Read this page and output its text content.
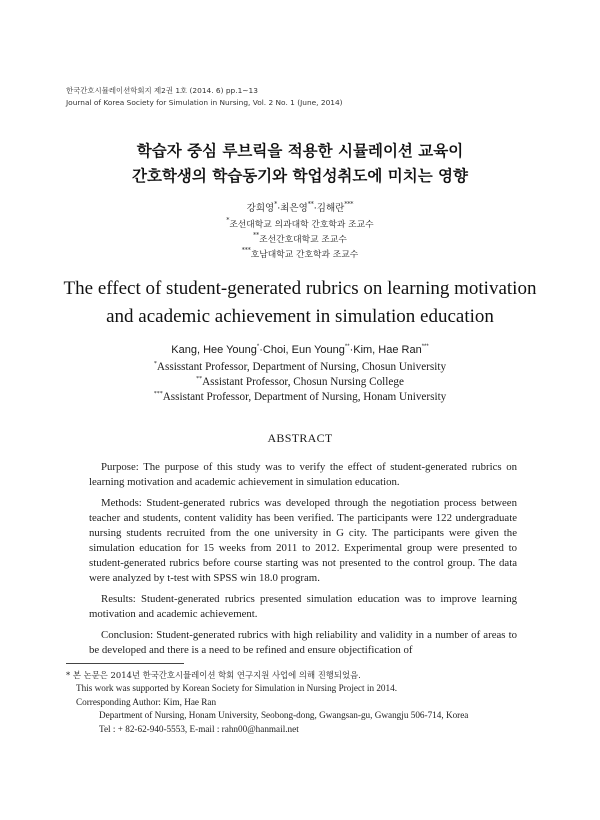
한국간호시뮬레이션학회지 제2권 1호 (2014. 6) pp.1~13
Journal of Korea Society for Simulation in Nursing, Vol. 2 No. 1 (June, 2014)
학습자 중심 루브릭을 적용한 시뮬레이션 교육이
간호학생의 학습동기와 학업성취도에 미치는 영향
강희영*·최은영**·김해란***
*조선대학교 의과대학 간호학과 조교수
**조선간호대학교 조교수
***호남대학교 간호학과 조교수
The effect of student-generated rubrics on learning motivation
and academic achievement in simulation education
Kang, Hee Young*·Choi, Eun Young**·Kim, Hae Ran***
*Assisstant Professor, Department of Nursing, Chosun University
**Assistant Professor, Chosun Nursing College
***Assistant Professor, Department of Nursing, Honam University
ABSTRACT

Purpose: The purpose of this study was to verify the effect of student-generated rubrics on learning motivation and academic achievement in simulation education.

Methods: Student-generated rubrics was developed through the negotiation process between teacher and students, content validity has been verified. The participants were 122 undergraduate nursing students recruited from the one university in G city. The participants were given the simulation education for 15 weeks from 2011 to 2012. Experimental group were presented to student-generated rubrics before course starting was not presented to the control group. The data were analyzed by t-test with SPSS win 18.0 program.

Results: Student-generated rubrics presented simulation education was to improve learning motivation and academic achievement.

Conclusion: Student-generated rubrics with high reliability and validity in a number of areas to be developed and there is a need to be refined and ensure objectification of

* 본 논문은 2014년 한국간호시뮬레이션 학회 연구지원 사업에 의해 진행되었음.
This work was supported by Korean Society for Simulation in Nursing Project in 2014.
Corresponding Author: Kim, Hae Ran
Department of Nursing, Honam University, Seobong-dong, Gwangsan-gu, Gwangju 506-714, Korea
Tel : + 82-62-940-5553, E-mail : rahn00@hanmail.net
